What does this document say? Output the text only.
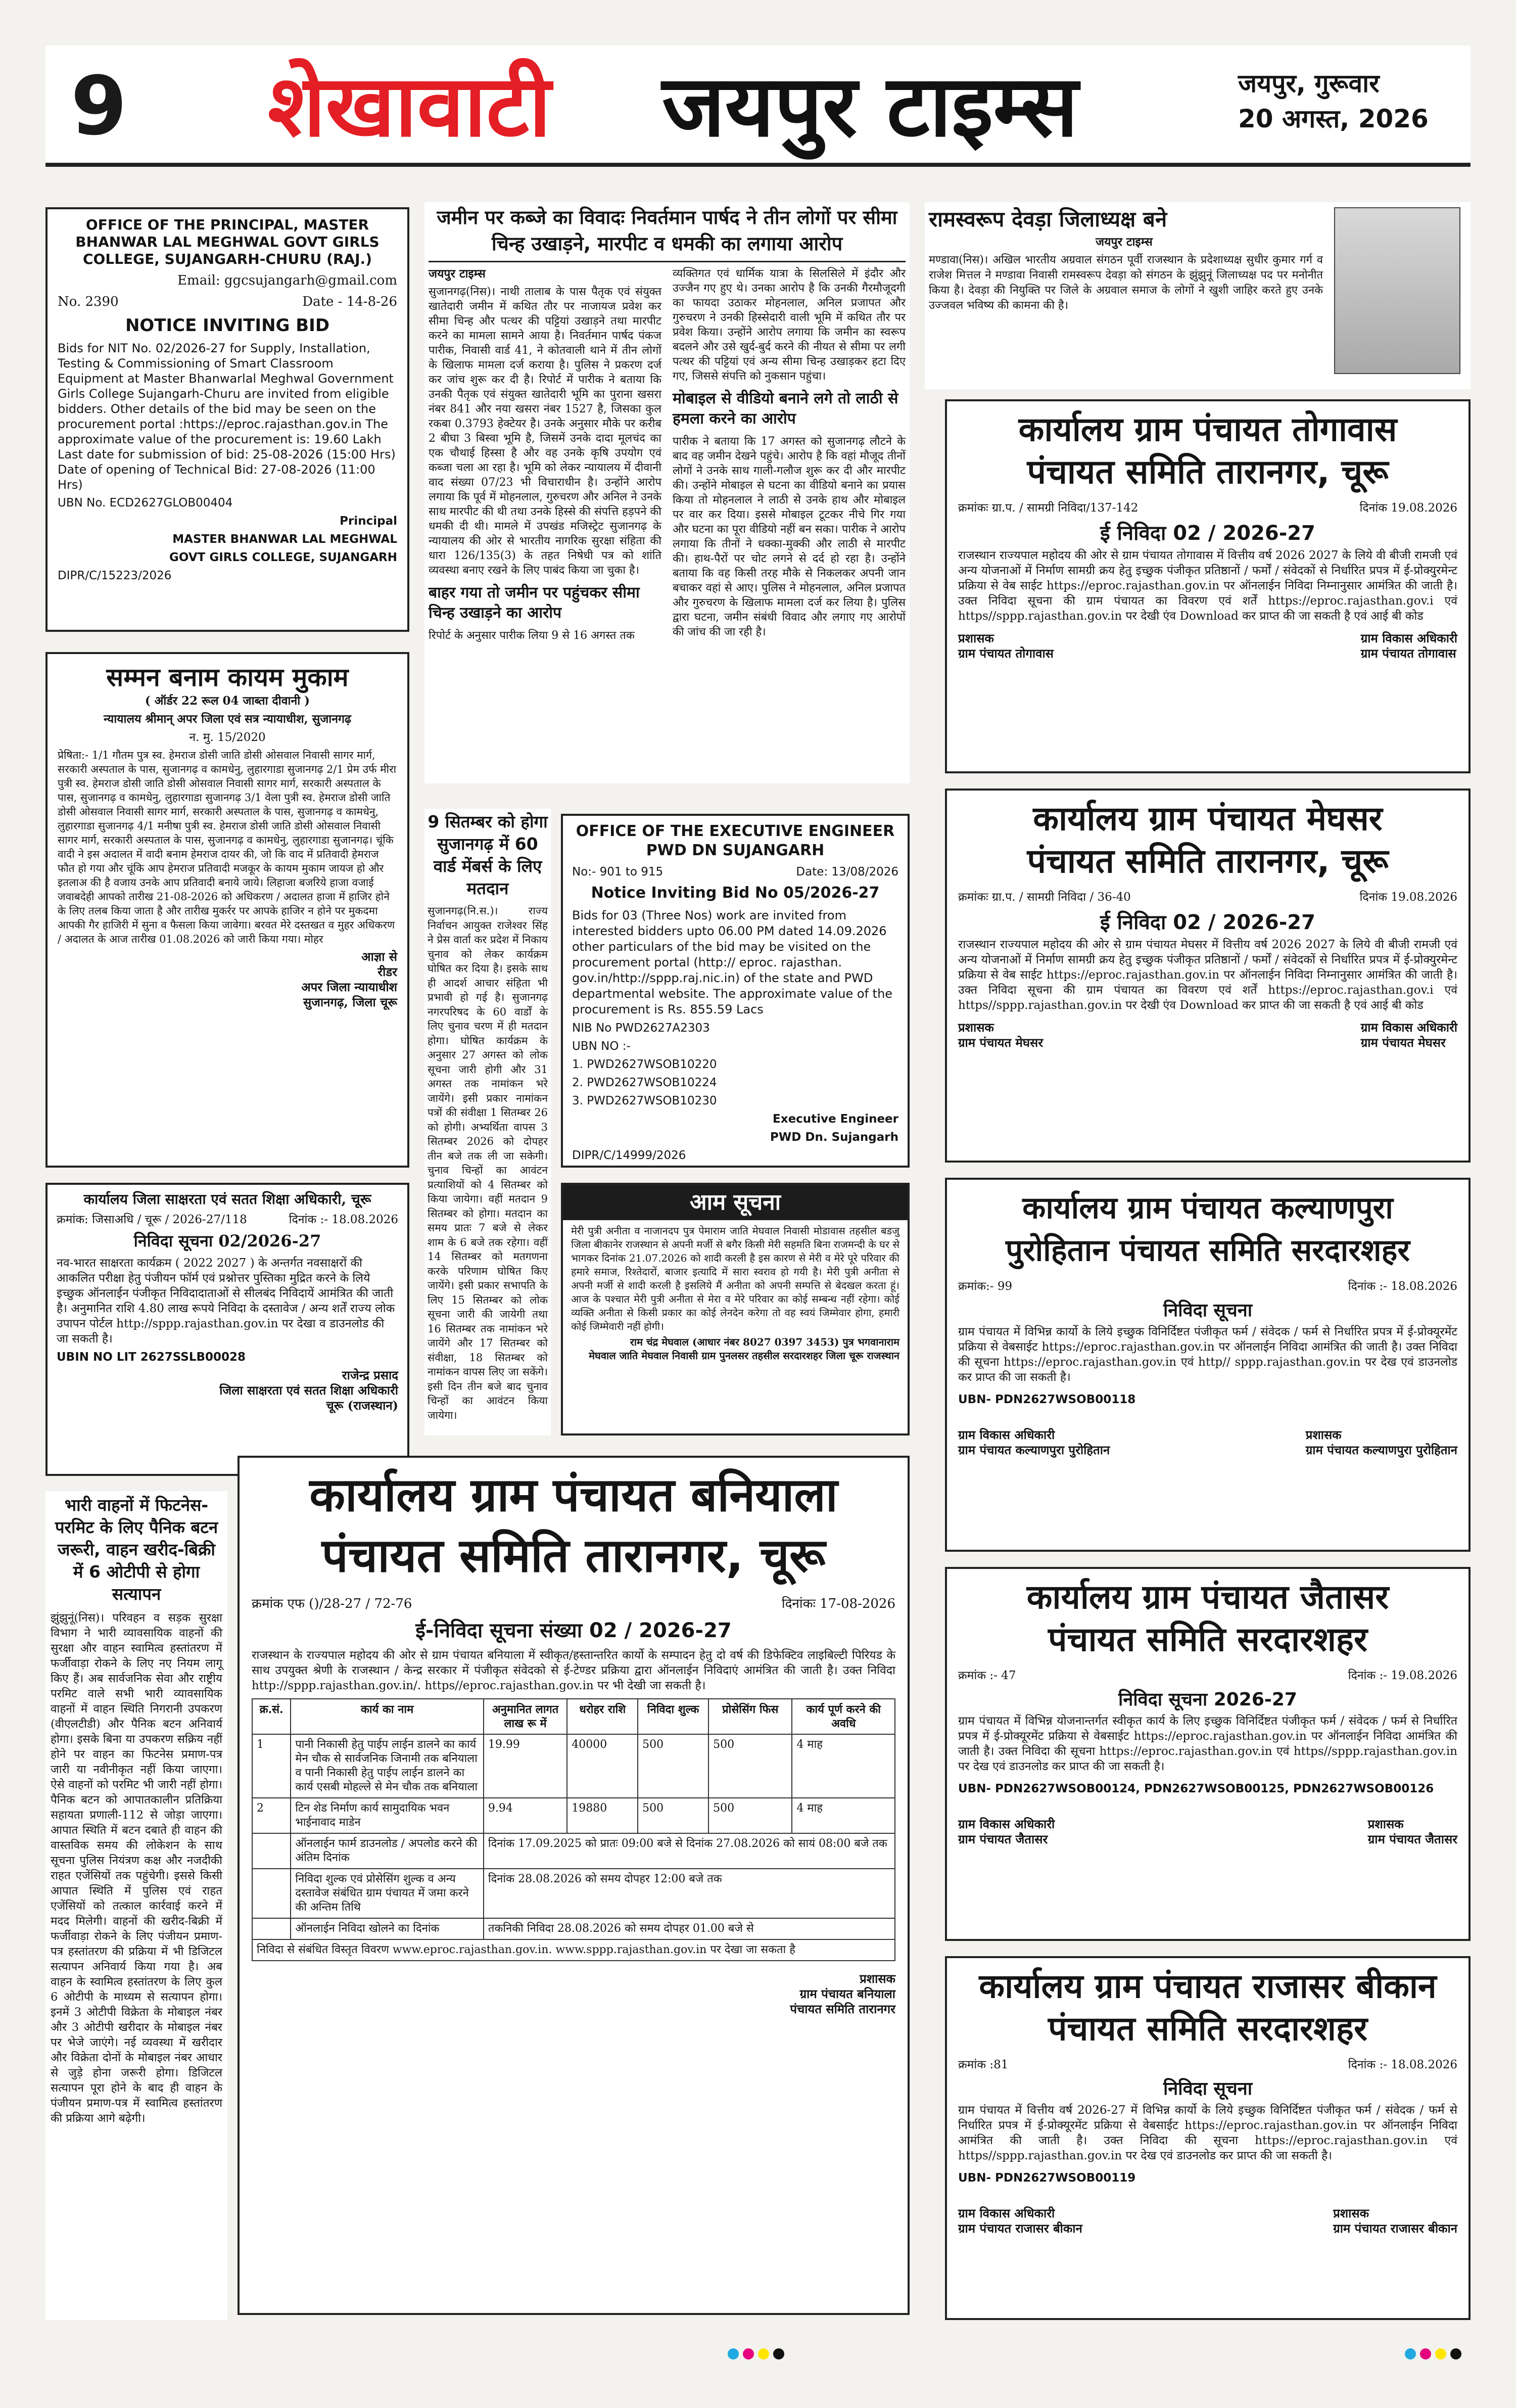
9	शेखावाटी जयपुर टाइम्स	जयपुर, गुरूवार
20 अगस्त, 2026
OFFICE OF THE PRINCIPAL, MASTER BHANWAR LAL MEGHWAL GOVT GIRLS COLLEGE, SUJANGARH-CHURU (RAJ.)
Email: ggcsujangarh@gmail.com
No. 2390	Date - 14-8-26
NOTICE INVITING BID
Bids for NIT No. 02/2026-27 for Supply, Installation, Testing & Commissioning of Smart Classroom Equipment at Master Bhanwarlal Meghwal Government Girls College Sujangarh-Churu are invited from eligible bidders. Other details of the bid may be seen on the procurement portal :https://eproc.rajasthan.gov.in The approximate value of the procurement is: 19.60 Lakh Last date for submission of bid: 25-08-2026 (15:00 Hrs) Date of opening of Technical Bid: 27-08-2026 (11:00 Hrs)
UBN No. ECD2627GLOB00404
Principal
MASTER BHANWAR LAL MEGHWAL
GOVT GIRLS COLLEGE, SUJANGARH
DIPR/C/15223/2026
सम्मन बनाम कायम मुकाम
( ऑर्डर 22 रूल 04 जाब्ता दीवानी )
न्यायालय श्रीमान् अपर जिला एवं सत्र न्यायाधीश, सुजानगढ़
न. मु. 15/2020
प्रेषिता:- 1/1 गौतम पुत्र स्व. हेमराज डोसी जाति डोसी ओसवाल निवासी सागर मार्ग, सरकारी अस्पताल के पास, सुजानगढ़ व कामधेनु, लुहारगाडा सुजानगढ़ 2/1 प्रेम उर्फ मीरा पुत्री स्व. हेमराज डोसी जाति डोसी ओसवाल निवासी सागर मार्ग, सरकारी अस्पताल के पास, सुजानगढ़ व कामधेनु, लुहारगाडा सुजानगढ़ 3/1 वेला पुत्री स्व. हेमराज डोसी जाति डोसी ओसवाल निवासी सागर मार्ग, सरकारी अस्पताल के पास, सुजानगढ़ व कामधेनु, लुहारगाडा सुजानगढ़ 4/1 मनीषा पुत्री स्व. हेमराज डोसी जाति डोसी ओसवाल निवासी सागर मार्ग, सरकारी अस्पताल के पास, सुजानगढ़ व कामधेनु, लुहारगाडा सुजानगढ़। चूंकि वादी ने इस अदालत में वादी बनाम हेमराज दायर की, जो कि वाद में प्रतिवादी हेमराज फौत हो गया और चूंकि आप हेमराज प्रतिवादी मजकूर के कायम मुकाम जायज हो और इतलाअ की है वजाय उनके आप प्रतिवादी बनाये जाये। लिहाजा बजरिये हाजा वजाई जवाबदेही आपको तारीख 21-08-2026 को अधिकरण / अदालत हाजा में हाजिर होने के लिए तलब किया जाता है और तारीख मुकर्रर पर आपके हाजिर न होने पर मुकदमा आपकी गैर हाजिरी में सुना व फैसला किया जावेगा। बरवत मेरे दस्तखत व मुहर अधिकरण / अदालत के आज तारीख 01.08.2026 को जारी किया गया। मोहर
आज्ञा से
रीडर
अपर जिला न्यायाधीश
सुजानगढ़, जिला चूरू
कार्यालय जिला साक्षरता एवं सतत शिक्षा अधिकारी, चूरू
क्रमांक: जिसाअधि / चूरू / 2026-27/118	दिनांक :- 18.08.2026
निविदा सूचना 02/2026-27
नव-भारत साक्षरता कार्यक्रम ( 2022 2027 ) के अन्तर्गत नवसाक्षरों की आकलित परीक्षा हेतु पंजीयन फॉर्म एवं प्रश्नोत्तर पुस्तिका मुद्रित करने के लिये इच्छुक ऑनलाईन पंजीकृत निविदादाताओं से सीलबंद निविदायें आमंत्रित की जाती है। अनुमानित राशि 4.80 लाख रूपये निविदा के दस्तावेज / अन्य शर्तें राज्य लोक उपापन पोर्टल http://sppp.rajasthan.gov.in पर देखा व डाउनलोड की जा सकती है।
UBIN NO LIT 2627SSLB00028
राजेन्द्र प्रसाद
जिला साक्षरता एवं सतत शिक्षा अधिकारी
चूरू (राजस्थान)
भारी वाहनों में फिटनेस-परमिट के लिए पैनिक बटन जरूरी, वाहन खरीद-बिक्री में 6 ओटीपी से होगा सत्यापन
झुंझुनूं(निस)। परिवहन व सड़क सुरक्षा विभाग ने भारी व्यावसायिक वाहनों की सुरक्षा और वाहन स्वामित्व हस्तांतरण में फर्जीवाड़ा रोकने के लिए नए नियम लागू किए हैं। अब सार्वजनिक सेवा और राष्ट्रीय परमिट वाले सभी भारी व्यावसायिक वाहनों में वाहन स्थिति निगरानी उपकरण (वीएलटीडी) और पैनिक बटन अनिवार्य होगा। इसके बिना या उपकरण सक्रिय नहीं होने पर वाहन का फिटनेस प्रमाण-पत्र जारी या नवीनीकृत नहीं किया जाएगा। ऐसे वाहनों को परमिट भी जारी नहीं होगा। पैनिक बटन को आपातकालीन प्रतिक्रिया सहायता प्रणाली-112 से जोड़ा जाएगा। आपात स्थिति में बटन दबाते ही वाहन की वास्तविक समय की लोकेशन के साथ सूचना पुलिस नियंत्रण कक्ष और नजदीकी राहत एजेंसियों तक पहुंचेगी। इससे किसी आपात स्थिति में पुलिस एवं राहत एजेंसियों को तत्काल कार्रवाई करने में मदद मिलेगी। वाहनों की खरीद-बिक्री में फर्जीवाड़ा रोकने के लिए पंजीयन प्रमाण-पत्र हस्तांतरण की प्रक्रिया में भी डिजिटल सत्यापन अनिवार्य किया गया है। अब वाहन के स्वामित्व हस्तांतरण के लिए कुल 6 ओटीपी के माध्यम से सत्यापन होगा। इनमें 3 ओटीपी विक्रेता के मोबाइल नंबर और 3 ओटीपी खरीदार के मोबाइल नंबर पर भेजे जाएंगे। नई व्यवस्था में खरीदार और विक्रेता दोनों के मोबाइल नंबर आधार से जुड़े होना जरूरी होगा। डिजिटल सत्यापन पूरा होने के बाद ही वाहन के पंजीयन प्रमाण-पत्र में स्वामित्व हस्तांतरण की प्रक्रिया आगे बढ़ेगी।
जमीन पर कब्जे का विवादः निवर्तमान पार्षद ने तीन लोगों पर सीमा चिन्ह उखाड़ने, मारपीट व धमकी का लगाया आरोप
जयपुर टाइम्स
सुजानगढ़(निस)। नाथी तालाब के पास पैतृक एवं संयुक्त खातेदारी जमीन में कथित तौर पर नाजायज प्रवेश कर सीमा चिन्ह और पत्थर की पट्टियां उखाड़ने तथा मारपीट करने का मामला सामने आया है। निवर्तमान पार्षद पंकज पारीक, निवासी वार्ड 41, ने कोतवाली थाने में तीन लोगों के खिलाफ मामला दर्ज कराया है। पुलिस ने प्रकरण दर्ज कर जांच शुरू कर दी है। रिपोर्ट में पारीक ने बताया कि उनकी पैतृक एवं संयुक्त खातेदारी भूमि का पुराना खसरा नंबर 841 और नया खसरा नंबर 1527 है, जिसका कुल रकबा 0.3793 हेक्टेयर है। उनके अनुसार मौके पर करीब 2 बीघा 3 बिस्वा भूमि है, जिसमें उनके दादा मूलचंद का एक चौथाई हिस्सा है और वह उनके कृषि उपयोग एवं कब्जा चला आ रहा है। भूमि को लेकर न्यायालय में दीवानी वाद संख्या 07/23 भी विचाराधीन है। उन्होंने आरोप लगाया कि पूर्व में मोहनलाल, गुरुचरण और अनिल ने उनके साथ मारपीट की थी तथा उनके हिस्से की संपत्ति हड़पने की धमकी दी थी। मामले में उपखंड मजिस्ट्रेट सुजानगढ़ के न्यायालय की ओर से भारतीय नागरिक सुरक्षा संहिता की धारा 126/135(3) के तहत निषेधी पत्र को शांति व्यवस्था बनाए रखने के लिए पाबंद किया जा चुका है।
बाहर गया तो जमीन पर पहुंचकर सीमा चिन्ह उखाड़ने का आरोप
रिपोर्ट के अनुसार पारीक लिया 9 से 16 अगस्त तक
व्यक्तिगत एवं धार्मिक यात्रा के सिलसिले में इंदौर और उज्जैन गए हुए थे। उनका आरोप है कि उनकी गैरमौजूदगी का फायदा उठाकर मोहनलाल, अनिल प्रजापत और गुरुचरण ने उनकी हिस्सेदारी वाली भूमि में कथित तौर पर प्रवेश किया। उन्होंने आरोप लगाया कि जमीन का स्वरूप बदलने और उसे खुर्द-बुर्द करने की नीयत से सीमा पर लगी पत्थर की पट्टियां एवं अन्य सीमा चिन्ह उखाड़कर हटा दिए गए, जिससे संपत्ति को नुकसान पहुंचा।
मोबाइल से वीडियो बनाने लगे तो लाठी से हमला करने का आरोप
पारीक ने बताया कि 17 अगस्त को सुजानगढ़ लौटने के बाद वह जमीन देखने पहुंचे। आरोप है कि वहां मौजूद तीनों लोगों ने उनके साथ गाली-गलौज शुरू कर दी और मारपीट की। उन्होंने मोबाइल से घटना का वीडियो बनाने का प्रयास किया तो मोहनलाल ने लाठी से उनके हाथ और मोबाइल पर वार कर दिया। इससे मोबाइल टूटकर नीचे गिर गया और घटना का पूरा वीडियो नहीं बन सका। पारीक ने आरोप लगाया कि तीनों ने धक्का-मुक्की और लाठी से मारपीट की। हाथ-पैरों पर चोट लगने से दर्द हो रहा है। उन्होंने बताया कि वह किसी तरह मौके से निकलकर अपनी जान बचाकर वहां से आए। पुलिस ने मोहनलाल, अनिल प्रजापत और गुरुचरण के खिलाफ मामला दर्ज कर लिया है। पुलिस द्वारा घटना, जमीन संबंधी विवाद और लगाए गए आरोपों की जांच की जा रही है।
9 सितम्बर को होगा सुजानगढ़ में 60 वार्ड मेंबर्स के लिए मतदान
सुजानगढ़(नि.स.)। राज्य निर्वाचन आयुक्त राजेश्वर सिंह ने प्रेस वार्ता कर प्रदेश में निकाय चुनाव को लेकर कार्यक्रम घोषित कर दिया है। इसके साथ ही आदर्श आचार संहिता भी प्रभावी हो गई है। सुजानगढ़ नगरपरिषद के 60 वार्डों के लिए चुनाव चरण में ही मतदान होगा। घोषित कार्यक्रम के अनुसार 27 अगस्त को लोक सूचना जारी होगी और 31 अगस्त तक नामांकन भरे जायेंगे। इसी प्रकार नामांकन पत्रों की संवीक्षा 1 सितम्बर 26 को होगी। अभ्यर्थिता वापस 3 सितम्बर 2026 को दोपहर तीन बजे तक ली जा सकेगी। चुनाव चिन्हों का आवंटन प्रत्याशियों को 4 सितम्बर को किया जायेगा। वहीं मतदान 9 सितम्बर को होगा। मतदान का समय प्रातः 7 बजे से लेकर शाम के 6 बजे तक रहेगा। वहीं 14 सितम्बर को मतगणना करके परिणाम घोषित किए जायेंगे। इसी प्रकार सभापति के लिए 15 सितम्बर को लोक सूचना जारी की जायेगी तथा 16 सितम्बर तक नामांकन भरे जायेंगे और 17 सितम्बर को संवीक्षा, 18 सितम्बर को नामांकन वापस लिए जा सकेंगे। इसी दिन तीन बजे बाद चुनाव चिन्हों का आवंटन किया जायेगा।
OFFICE OF THE EXECUTIVE ENGINEER PWD DN SUJANGARH
No:- 901 to 915	Date: 13/08/2026
Notice Inviting Bid No 05/2026-27
Bids for 03 (Three Nos) work are invited from interested bidders upto 06.00 PM dated 14.09.2026 other particulars of the bid may be visited on the procurement portal (http:// eproc. rajasthan. gov.in/http://sppp.raj.nic.in) of the state and PWD departmental website. The approximate value of the procurement is Rs. 855.59 Lacs
NIB No PWD2627A2303
UBN NO :-
1. PWD2627WSOB10220
2. PWD2627WSOB10224
3. PWD2627WSOB10230
Executive Engineer
PWD Dn. Sujangarh
DIPR/C/14999/2026
आम सूचना
मेरी पुत्री अनीता व नाजानदप पुत्र पेमाराम जाति मेघवाल निवासी मोडावास तहसील बडजु जिला बीकानेर राजस्थान से अपनी मर्जी से बगैर किसी मेरी सहमति बिना राजमन्दी के घर से भागकर दिनांक 21.07.2026 को शादी करली है इस कारण से मेरी व मेरे पूरे परिवार की हमारे समाज, रिश्तेदारों, बाजार इत्यादि में सारा स्वराव हो गयी है। मेरी पुत्री अनीता से अपनी मर्जी से शादी करली है इसलिये मैं अनीता को अपनी सम्पत्ति से बेदखल करता हूं। आज के पश्चात मेरी पुत्री अनीता से मेरा व मेरे परिवार का कोई सम्बन्ध नहीं रहेगा। कोई व्यक्ति अनीता से किसी प्रकार का कोई लेनदेन करेगा तो वह स्वयं जिम्मेवार होगा, हमारी कोई जिम्मेवारी नहीं होगी।
राम चंद्र मेघवाल (आधार नंबर 8027 0397 3453) पुत्र भगवानाराम
मेघवाल जाति मेघवाल निवासी ग्राम पुनलसर तहसील सरदारशहर जिला चूरू राजस्थान
कार्यालय ग्राम पंचायत बनियाला
पंचायत समिति तारानगर, चूरू
क्रमांक एफ ()/28-27 / 72-76	दिनांकः 17-08-2026
ई-निविदा सूचना संख्या 02 / 2026-27
राजस्थान के राज्यपाल महोदय की ओर से ग्राम पंचायत बनियाला में स्वीकृत/हस्तान्तरित कार्यो के सम्पादन हेतु दो वर्ष की डिफेक्टिव लाइबिल्टी पिरियड के साथ उपयुक्त श्रेणी के राजस्थान / केन्द्र सरकार में पंजीकृत संवेदको से ई-टेण्डर प्रक्रिया द्वारा ऑनलाईन निविदाएं आमंत्रित की जाती है। उक्त निविदा http://sppp.rajasthan.gov.in/. https//eproc.rajasthan.gov.in पर भी देखी जा सकती है।
क्र.सं.	कार्य का नाम	अनुमानित लागत लाख रू में	धरोहर राशि	निविदा शुल्क	प्रोसेसिंग फिस	कार्य पूर्ण करने की अवधि
1	पानी निकासी हेतु पाईप लाईन डालने का कार्य मेन चौक से सार्वजनिक जिनामी तक बनियाला व पानी निकासी हेतु पाईप लाईन डालने का कार्य एसबी मोहल्ले से मेन चौक तक बनियाला	19.99	40000	500	500	4 माह
2	टिन शेड निर्माण कार्य सामुदायिक भवन भाईनावाद माडेन	9.94	19880	500	500	4 माह
	ऑनलाईन फार्म डाउनलोड / अपलोड करने की अंतिम दिनांक	दिनांक 17.09.2025 को प्रातः 09:00 बजे से दिनांक 27.08.2026 को सायं 08:00 बजे तक				
	निविदा शुल्क एवं प्रोसेसिंग शुल्क व अन्य दस्तावेज संबंधित ग्राम पंचायत में जमा करने की अन्तिम तिथि	दिनांक 28.08.2026 को समय दोपहर 12:00 बजे तक				
	ऑनलाईन निविदा खोलने का दिनांक	तकनिकी निविदा 28.08.2026 को समय दोपहर 01.00 बजे से				
निविदा से संबंधित विस्तृत विवरण www.eproc.rajasthan.gov.in. www.sppp.rajasthan.gov.in पर देखा जा सकता है						
प्रशासक
ग्राम पंचायत बनियाला
पंचायत समिति तारानगर
रामस्वरूप देवड़ा जिलाध्यक्ष बने
जयपुर टाइम्स
मण्डावा(निस)। अखिल भारतीय अग्रवाल संगठन पूर्वी राजस्थान के प्रदेशाध्यक्ष सुधीर कुमार गर्ग व राजेश मित्तल ने मण्डावा निवासी रामस्वरूप देवड़ा को संगठन के झुंझुनूं जिलाध्यक्ष पद पर मनोनीत किया है। देवड़ा की नियुक्ति पर जिले के अग्रवाल समाज के लोगों ने खुशी जाहिर करते हुए उनके उज्जवल भविष्य की कामना की है।
कार्यालय ग्राम पंचायत तोगावास
पंचायत समिति तारानगर, चूरू
क्रमांकः ग्रा.प. / सामग्री निविदा/137-142	दिनांक 19.08.2026
ई निविदा 02 / 2026-27
राजस्थान राज्यपाल महोदय की ओर से ग्राम पंचायत तोगावास में वित्तीय वर्ष 2026 2027 के लिये वी बीजी रामजी एवं अन्य योजनाओं में निर्माण सामग्री क्रय हेतु इच्छुक पंजीकृत प्रतिष्ठानों / फर्मों / संवेदकों से निर्धारित प्रपत्र में ई-प्रोक्युरमेन्ट प्रक्रिया से वेब साईट https://eproc.rajasthan.gov.in पर ऑनलाईन निविदा निम्नानुसार आमंत्रित की जाती है। उक्त निविदा सूचना की ग्राम पंचायत का विवरण एवं शर्तें https://eproc.rajasthan.gov.i एवं https//sppp.rajasthan.gov.in पर देखी एंव Download कर प्राप्त की जा सकती है एवं आई बी कोड
प्रशासक
ग्राम पंचायत तोगावास
ग्राम विकास अधिकारी
ग्राम पंचायत तोगावास
कार्यालय ग्राम पंचायत मेघसर
पंचायत समिति तारानगर, चूरू
क्रमांकः ग्रा.प. / सामग्री निविदा / 36-40	दिनांक 19.08.2026
ई निविदा 02 / 2026-27
राजस्थान राज्यपाल महोदय की ओर से ग्राम पंचायत मेघसर में वित्तीय वर्ष 2026 2027 के लिये वी बीजी रामजी एवं अन्य योजनाओं में निर्माण सामग्री क्रय हेतु इच्छुक पंजीकृत प्रतिष्ठानों / फर्मों / संवेदकों से निर्धारित प्रपत्र में ई-प्रोक्युरमेन्ट प्रक्रिया से वेब साईट https://eproc.rajasthan.gov.in पर ऑनलाईन निविदा निम्नानुसार आमंत्रित की जाती है। उक्त निविदा सूचना की ग्राम पंचायत का विवरण एवं शर्तें https://eproc.rajasthan.gov.i एवं https//sppp.rajasthan.gov.in पर देखी एंव Download कर प्राप्त की जा सकती है एवं आई बी कोड
प्रशासक
ग्राम पंचायत मेघसर
ग्राम विकास अधिकारी
ग्राम पंचायत मेघसर
कार्यालय ग्राम पंचायत कल्याणपुरा
पुरोहितान पंचायत समिति सरदारशहर
क्रमांक:- 99	दिनांक :- 18.08.2026
निविदा सूचना
ग्राम पंचायत में विभिन्न कार्यो के लिये इच्छुक विनिर्दिष्टत पंजीकृत फर्म / संवेदक / फर्म से निर्धारित प्रपत्र में ई-प्रोक्यूरमेंट प्रक्रिया से वेबसाईट https://eproc.rajasthan.gov.in पर ऑनलाईन निविदा आमंत्रित की जाती है। उक्त निविदा की सूचना https://eproc.rajasthan.gov.in एवं http// sppp.rajasthan.gov.in पर देख एवं डाउनलोड कर प्राप्त की जा सकती है।
UBN- PDN2627WSOB00118
ग्राम विकास अधिकारी
ग्राम पंचायत कल्याणपुरा पुरोहितान
प्रशासक
ग्राम पंचायत कल्याणपुरा पुरोहितान
कार्यालय ग्राम पंचायत जैतासर
पंचायत समिति सरदारशहर
क्रमांक :- 47	दिनांक :- 19.08.2026
निविदा सूचना 2026-27
ग्राम पंचायत में विभिन्न योजनान्तर्गत स्वीकृत कार्य के लिए इच्छुक विनिर्दिष्टत पंजीकृत फर्म / संवेदक / फर्म से निर्धारित प्रपत्र में ई-प्रोक्यूरमेंट प्रक्रिया से वेबसाईट https://eproc.rajasthan.gov.in पर ऑनलाईन निविदा आमंत्रित की जाती है। उक्त निविदा की सूचना https://eproc.rajasthan.gov.in एवं https//sppp.rajasthan.gov.in पर देख एवं डाउनलोड कर प्राप्त की जा सकती है।
UBN- PDN2627WSOB00124, PDN2627WSOB00125, PDN2627WSOB00126
ग्राम विकास अधिकारी
ग्राम पंचायत जैतासर
प्रशासक
ग्राम पंचायत जैतासर
कार्यालय ग्राम पंचायत राजासर बीकान
पंचायत समिति सरदारशहर
क्रमांक :81	दिनांक :- 18.08.2026
निविदा सूचना
ग्राम पंचायत में वित्तीय वर्ष 2026-27 में विभिन्न कार्यो के लिये इच्छुक विनिर्दिष्टत पंजीकृत फर्म / संवेदक / फर्म से निर्धारित प्रपत्र में ई-प्रोक्यूरमेंट प्रक्रिया से वेबसाईट https://eproc.rajasthan.gov.in पर ऑनलाईन निविदा आमंत्रित की जाती है। उक्त निविदा की सूचना https://eproc.rajasthan.gov.in एवं https//sppp.rajasthan.gov.in पर देख एवं डाउनलोड कर प्राप्त की जा सकती है।
UBN- PDN2627WSOB00119
ग्राम विकास अधिकारी
ग्राम पंचायत राजासर बीकान
प्रशासक
ग्राम पंचायत राजासर बीकान
